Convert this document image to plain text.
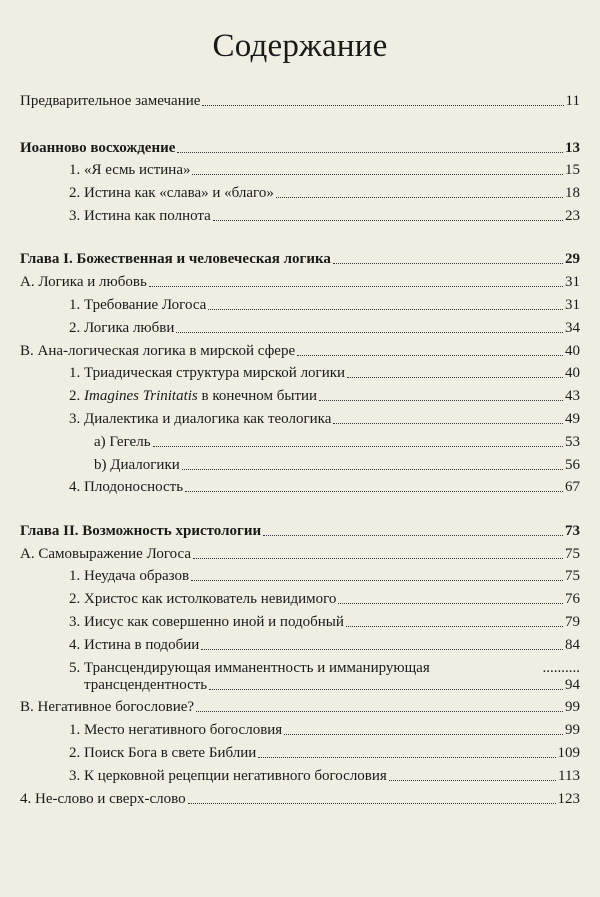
Содержание
Предварительное замечание	11
Иоанново восхождение	13
1. «Я есмь истина»	15
2. Истина как «слава» и «благо»	18
3. Истина как полнота	23
Глава I. Божественная и человеческая логика	29
А. Логика и любовь	31
1. Требование Логоса	31
2. Логика любви	34
В. Ана-логическая логика в мирской сфере	40
1. Триадическая структура мирской логики	40
2. Imagines Trinitatis в конечном бытии	43
3. Диалектика и диалогика как теологика	49
a) Гегель	53
b) Диалогики	56
4. Плодоносность	67
Глава II. Возможность христологии	73
А. Самовыражение Логоса	75
1. Неудача образов	75
2. Христос как истолкователь невидимого	76
3. Иисус как совершенно иной и подобный	79
4. Истина в подобии	84
5. Трансцендирующая имманентность и имманирующая	..........
трансцендентность	94
В. Негативное богословие?	99
1. Место негативного богословия	99
2. Поиск Бога в свете Библии	109
3. К церковной рецепции негативного богословия	113
4. Не-слово и сверх-слово	123
